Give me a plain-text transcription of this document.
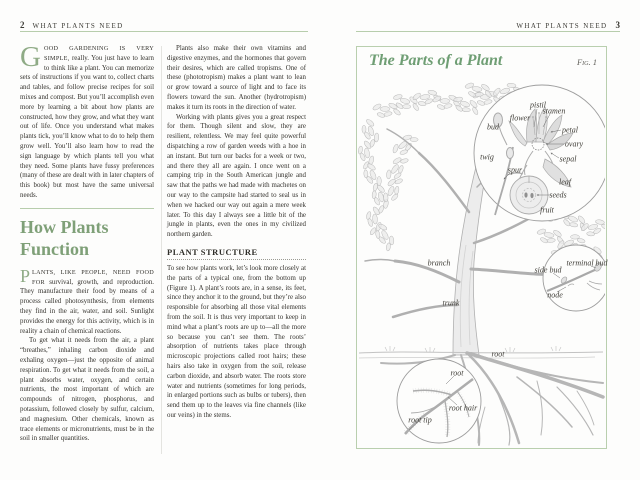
2 WHAT PLANTS NEED

GOOD GARDENING IS VERY SIMPLE, really. You just have to learn to think like a plant. You can memorize sets of instructions if you want to, collect charts and tables, and follow precise recipes for soil mixes and compost. But you’ll accomplish even more by learning a bit about how plants are constructed, how they grow, and what they want out of life. Once you understand what makes plants tick, you’ll know what to do to help them grow well. You’ll also learn how to read the sign language by which plants tell you what they need. Some plants have fussy preferences (many of these are dealt with in later chapters of this book) but most have the same universal needs.

How Plants Function

PLANTS, LIKE PEOPLE, NEED FOOD FOR survival, growth, and reproduction. They manufacture their food by means of a process called photosynthesis, from elements they find in the air, water, and soil. Sunlight provides the energy for this activity, which is in reality a chain of chemical reactions.

To get what it needs from the air, a plant “breathes,” inhaling carbon dioxide and exhaling oxygen—just the opposite of animal respiration. To get what it needs from the soil, a plant absorbs water, oxygen, and certain nutrients, the most important of which are compounds of nitrogen, phosphorus, and potassium, followed closely by sulfur, calcium, and magnesium. Other chemicals, known as trace elements or micronutrients, must be in the soil in smaller quantities.

Plants also make their own vitamins and digestive enzymes, and the hormones that govern their desires, which are called tropisms. One of these (phototropism) makes a plant want to lean or grow toward a source of light and to face its flowers toward the sun. Another (hydrotropism) makes it turn its roots in the direction of water.

Working with plants gives you a great respect for them. Though silent and slow, they are resilient, relentless. We may feel quite powerful dispatching a row of garden weeds with a hoe in an instant. But turn our backs for a week or two, and there they all are again. I once went on a camping trip in the South American jungle and saw that the paths we had made with machetes on our way to the campsite had started to seal us in when we hacked our way out again a mere week later. To this day I always see a little bit of the jungle in plants, even the ones in my civilized northern garden.

PLANT STRUCTURE

To see how plants work, let’s look more closely at the parts of a typical one, from the bottom up (Figure 1). A plant’s roots are, in a sense, its feet, since they anchor it to the ground, but they’re also responsible for absorbing all those vital elements from the soil. It is thus very important to keep in mind what a plant’s roots are up to—all the more so because you can’t see them. The roots’ absorption of nutrients takes place through microscopic projections called root hairs; these hairs also take in oxygen from the soil, release carbon dioxide, and absorb water. The roots store water and nutrients (sometimes for long periods, in enlarged portions such as bulbs or tubers), then send them up to the leaves via fine channels (like our veins) in the stems.

WHAT PLANTS NEED 3
pistil
stamen
flower
bud	petal
ovary
twig	sepal
spur
leaf
seeds
fruit
branch
trunk
side bud
terminal bud
node
root
root
root hair
root tip
The Parts of a Plant	Fig. 1
